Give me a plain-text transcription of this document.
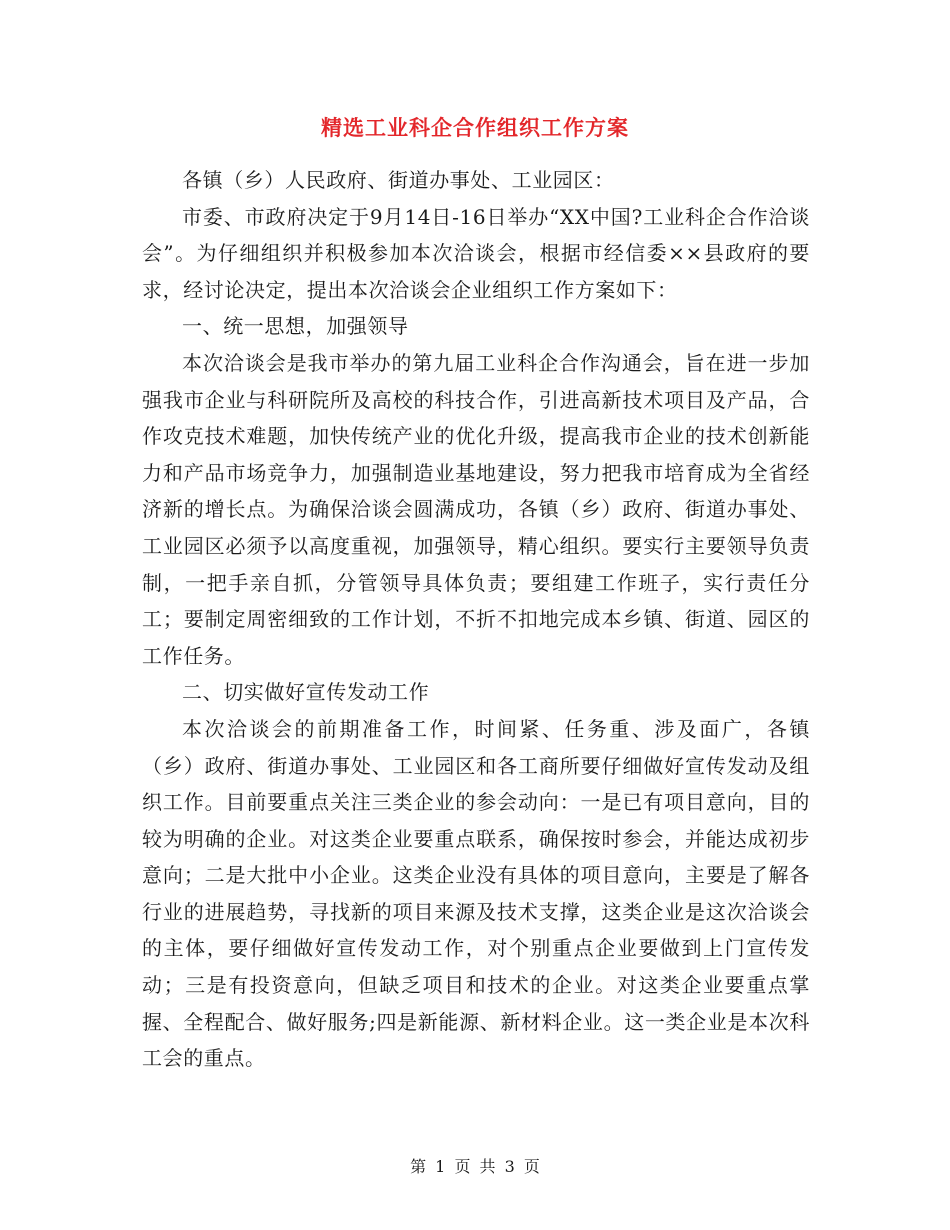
精选工业科企合作组织工作方案

各镇（乡）人民政府、街道办事处、工业园区：

市委、市政府决定于9月14日-16日举办“XX中国?工业科企合作洽谈会”。为仔细组织并积极参加本次洽谈会，根据市经信委××县政府的要求，经讨论决定，提出本次洽谈会企业组织工作方案如下：

一、统一思想，加强领导

本次洽谈会是我市举办的第九届工业科企合作沟通会，旨在进一步加强我市企业与科研院所及高校的科技合作，引进高新技术项目及产品，合作攻克技术难题，加快传统产业的优化升级，提高我市企业的技术创新能力和产品市场竞争力，加强制造业基地建设，努力把我市培育成为全省经济新的增长点。为确保洽谈会圆满成功，各镇（乡）政府、街道办事处、工业园区必须予以高度重视，加强领导，精心组织。要实行主要领导负责制，一把手亲自抓，分管领导具体负责；要组建工作班子，实行责任分工；要制定周密细致的工作计划，不折不扣地完成本乡镇、街道、园区的工作任务。

二、切实做好宣传发动工作

本次洽谈会的前期准备工作，时间紧、任务重、涉及面广，各镇（乡）政府、街道办事处、工业园区和各工商所要仔细做好宣传发动及组织工作。目前要重点关注三类企业的参会动向：一是已有项目意向，目的较为明确的企业。对这类企业要重点联系，确保按时参会，并能达成初步意向；二是大批中小企业。这类企业没有具体的项目意向，主要是了解各行业的进展趋势，寻找新的项目来源及技术支撑，这类企业是这次洽谈会的主体，要仔细做好宣传发动工作，对个别重点企业要做到上门宣传发动；三是有投资意向，但缺乏项目和技术的企业。对这类企业要重点掌握、全程配合、做好服务;四是新能源、新材料企业。这一类企业是本次科工会的重点。

第 1 页 共 3 页
